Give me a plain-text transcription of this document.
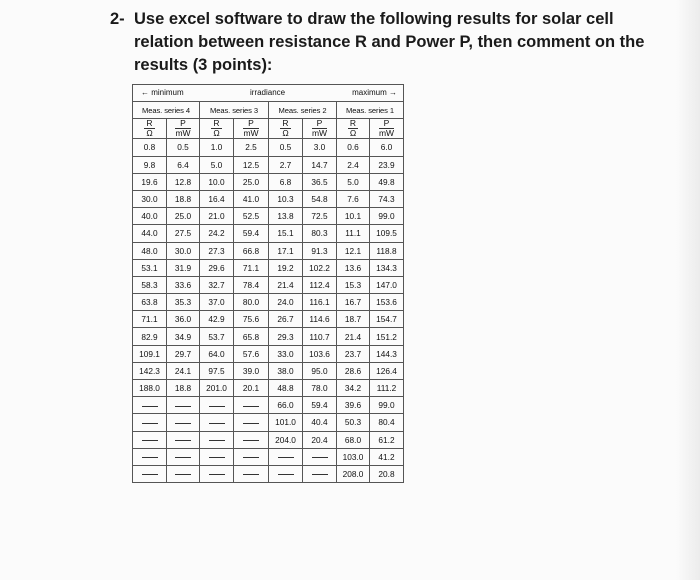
2- Use excel software to draw the following results for solar cell relation between resistance R and Power P, then comment on the results (3 points):
← minimum irradiance maximum →							

Meas. series 4		Meas. series 3		Meas. series 2		Meas. series 1	

$\frac{R}{\Omega}$	$\frac{P}{mW}$	$\frac{R}{\Omega}$	$\frac{P}{mW}$	$\frac{R}{\Omega}$	$\frac{P}{mW}$	$\frac{R}{\Omega}$	$\frac{P}{mW}$

0.8	0.5	1.0	2.5	0.5	3.0	0.6	6.0
9.8	6.4	5.0	12.5	2.7	14.7	2.4	23.9
19.6	12.8	10.0	25.0	6.8	36.5	5.0	49.8
30.0	18.8	16.4	41.0	10.3	54.8	7.6	74.3
40.0	25.0	21.0	52.5	13.8	72.5	10.1	99.0
44.0	27.5	24.2	59.4	15.1	80.3	11.1	109.5
48.0	30.0	27.3	66.8	17.1	91.3	12.1	118.8
53.1	31.9	29.6	71.1	19.2	102.2	13.6	134.3
58.3	33.6	32.7	78.4	21.4	112.4	15.3	147.0
63.8	35.3	37.0	80.0	24.0	116.1	16.7	153.6
71.1	36.0	42.9	75.6	26.7	114.6	18.7	154.7
82.9	34.9	53.7	65.8	29.3	110.7	21.4	151.2
109.1	29.7	64.0	57.6	33.0	103.6	23.7	144.3
142.3	24.1	97.5	39.0	38.0	95.0	28.6	126.4
188.0	18.8	201.0	20.1	48.8	78.0	34.2	111.2
				66.0	59.4	39.6	99.0
				101.0	40.4	50.3	80.4
				204.0	20.4	68.0	61.2
						103.0	41.2
						208.0	20.8
